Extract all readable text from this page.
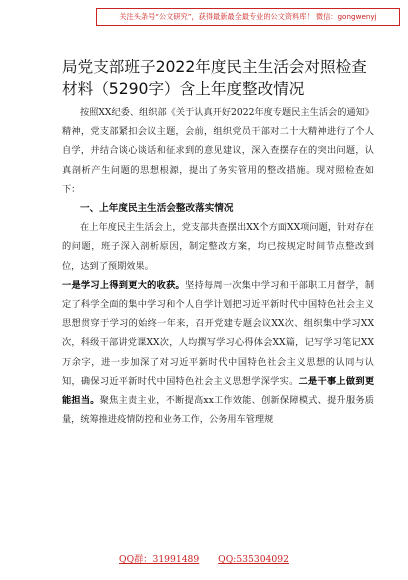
关注头条号“公文研究”，获得最新最全最专业的公文资料库！ 微信：gongwenyj
局党支部班子2022年度民主生活会对照检查材料（5290字）含上年度整改情况

按照XX纪委、组织部《关于认真开好2022年度专题民主生活会的通知》精神，党支部紧扣会议主题，会前，组织党员干部对二十大精神进行了个人自学，并结合谈心谈话和征求到的意见建议，深入查摆存在的突出问题，认真剖析产生问题的思想根源，提出了务实管用的整改措施。现对照检查如下：

一、上年度民主生活会整改落实情况

在上年度民主生活会上，党支部共查摆出XX个方面XX项问题，针对存在的问题，班子深入剖析原因，制定整改方案，均已按规定时间节点整改到位，达到了预期效果。

一是学习上得到更大的收获。坚持每周一次集中学习和干部职工月督学，制定了科学全面的集中学习和个人自学计划把习近平新时代中国特色社会主义思想贯穿于学习的始终一年来，召开党建专题会议XX次、组织集中学习XX次，科级干部讲党课XX次，人均撰写学习心得体会XX篇，记写学习笔记XX万余字，进一步加深了对习近平新时代中国特色社会主义思想的认同与认知，确保习近平新时代中国特色社会主义思想学深学实。二是干事上做到更能担当。聚焦主责主业，不断提高xx工作效能、创新保障模式、提升服务质量，统筹推进疫情防控和业务工作，公务用车管理规

QQ群：31991489 QQ:535304092
